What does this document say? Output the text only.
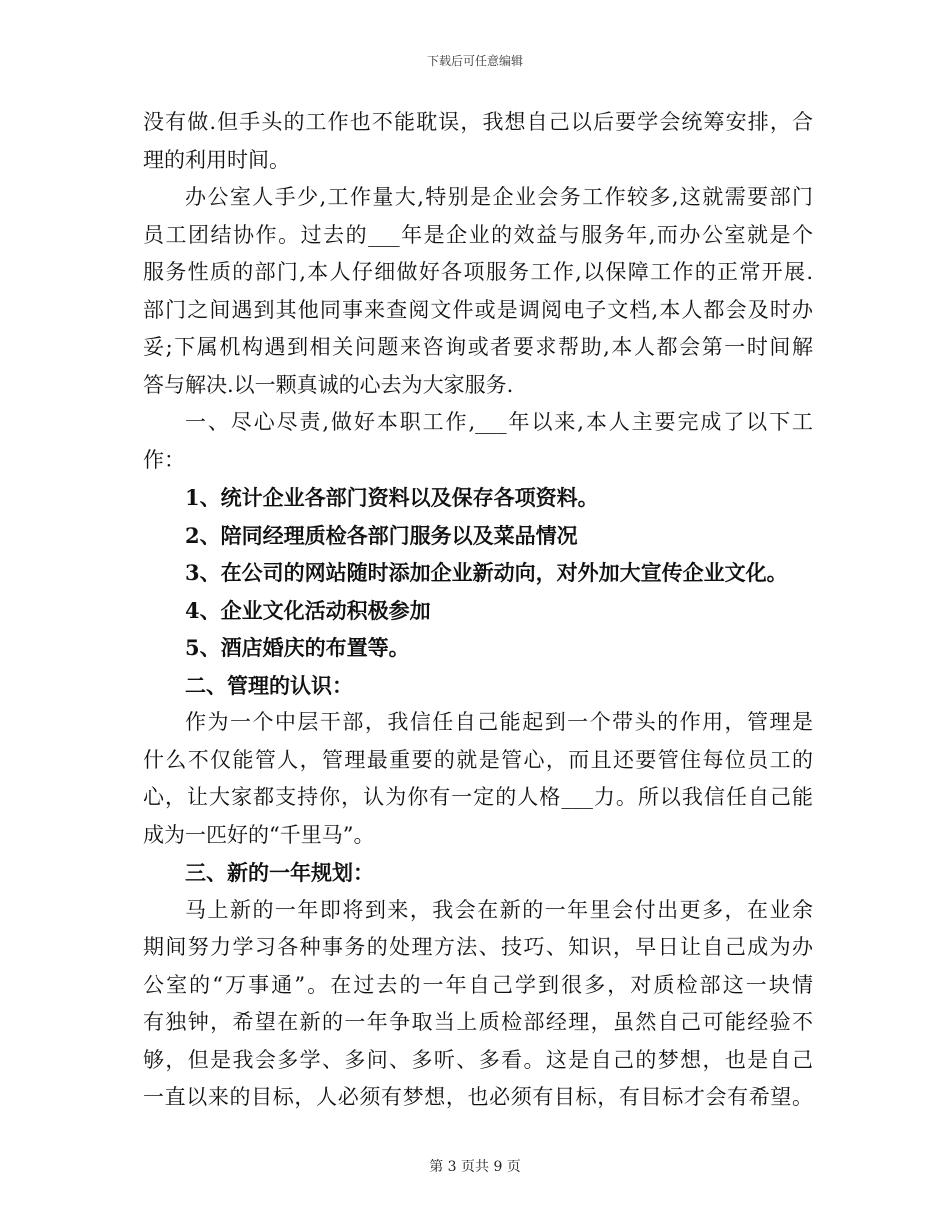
下载后可任意编辑
没有做.但手头的工作也不能耽误，我想自己以后要学会统筹安排，合
理的利用时间。
办公室人手少,工作量大,特别是企业会务工作较多,这就需要部门
员工团结协作。过去的___年是企业的效益与服务年,而办公室就是个
服务性质的部门,本人仔细做好各项服务工作,以保障工作的正常开展.
部门之间遇到其他同事来查阅文件或是调阅电子文档,本人都会及时办
妥;下属机构遇到相关问题来咨询或者要求帮助,本人都会第一时间解
答与解决.以一颗真诚的心去为大家服务.
一、尽心尽责,做好本职工作,___年以来,本人主要完成了以下工
作：
1、统计企业各部门资料以及保存各项资料。
2、陪同经理质检各部门服务以及菜品情况
3、在公司的网站随时添加企业新动向，对外加大宣传企业文化。
4、企业文化活动积极参加
5、酒店婚庆的布置等。
二、管理的认识：
作为一个中层干部，我信任自己能起到一个带头的作用，管理是
什么不仅能管人，管理最重要的就是管心，而且还要管住每位员工的
心，让大家都支持你，认为你有一定的人格___力。所以我信任自己能
成为一匹好的“千里马”。
三、新的一年规划：
马上新的一年即将到来，我会在新的一年里会付出更多，在业余
期间努力学习各种事务的处理方法、技巧、知识，早日让自己成为办
公室的“万事通”。在过去的一年自己学到很多，对质检部这一块情
有独钟，希望在新的一年争取当上质检部经理，虽然自己可能经验不
够，但是我会多学、多问、多听、多看。这是自己的梦想，也是自己
一直以来的目标，人必须有梦想，也必须有目标，有目标才会有希望。
第 3 页共 9 页
